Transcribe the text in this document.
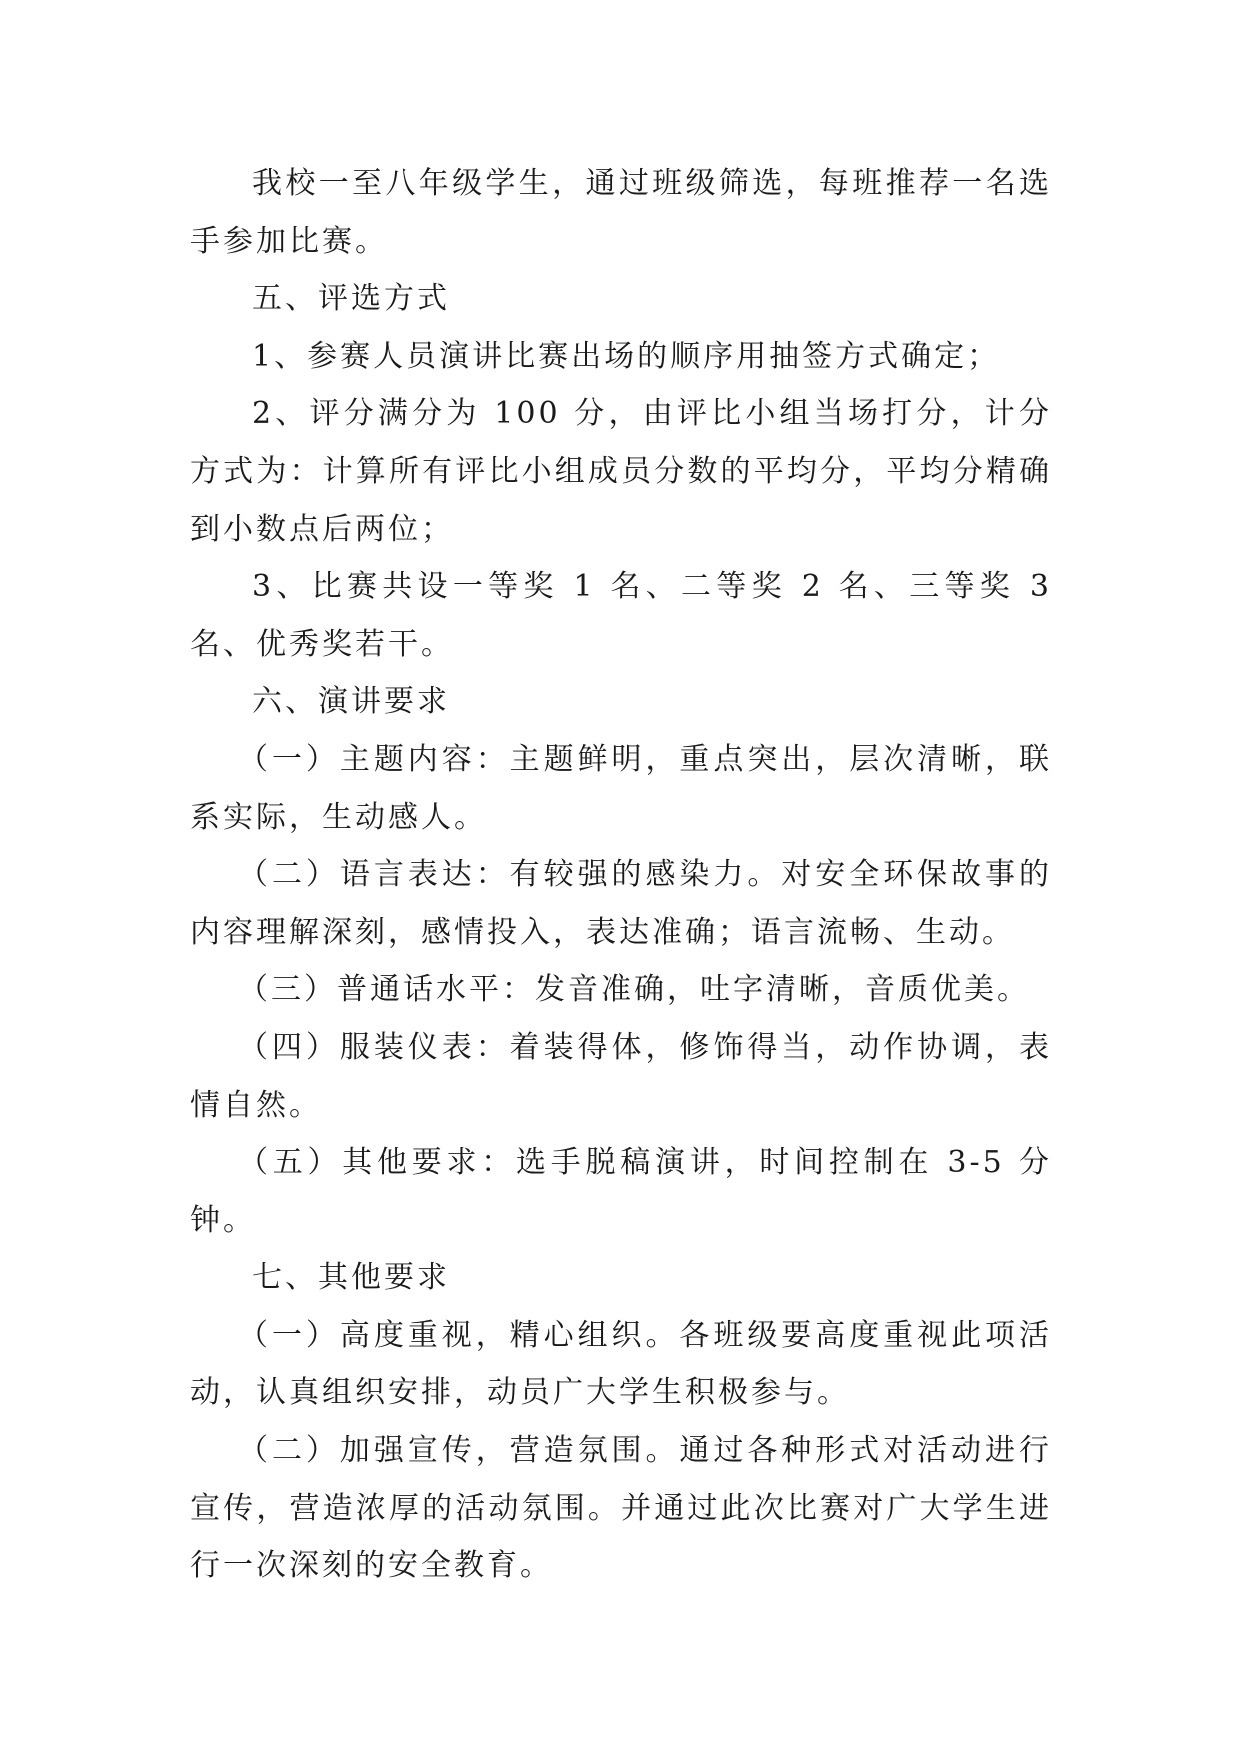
我校一至八年级学生，通过班级筛选，每班推荐一名选手参加比赛。

五、评选方式

1、参赛人员演讲比赛出场的顺序用抽签方式确定；

2、评分满分为 100 分，由评比小组当场打分，计分方式为：计算所有评比小组成员分数的平均分，平均分精确到小数点后两位；

3、比赛共设一等奖 1 名、二等奖 2 名、三等奖 3 名、优秀奖若干。

六、演讲要求

（一）主题内容：主题鲜明，重点突出，层次清晰，联系实际，生动感人。

（二）语言表达：有较强的感染力。对安全环保故事的内容理解深刻，感情投入，表达准确；语言流畅、生动。

（三）普通话水平：发音准确，吐字清晰，音质优美。

（四）服装仪表：着装得体，修饰得当，动作协调，表情自然。

（五）其他要求：选手脱稿演讲，时间控制在 3-5 分钟。

七、其他要求

（一）高度重视，精心组织。各班级要高度重视此项活动，认真组织安排，动员广大学生积极参与。

（二）加强宣传，营造氛围。通过各种形式对活动进行宣传，营造浓厚的活动氛围。并通过此次比赛对广大学生进行一次深刻的安全教育。
